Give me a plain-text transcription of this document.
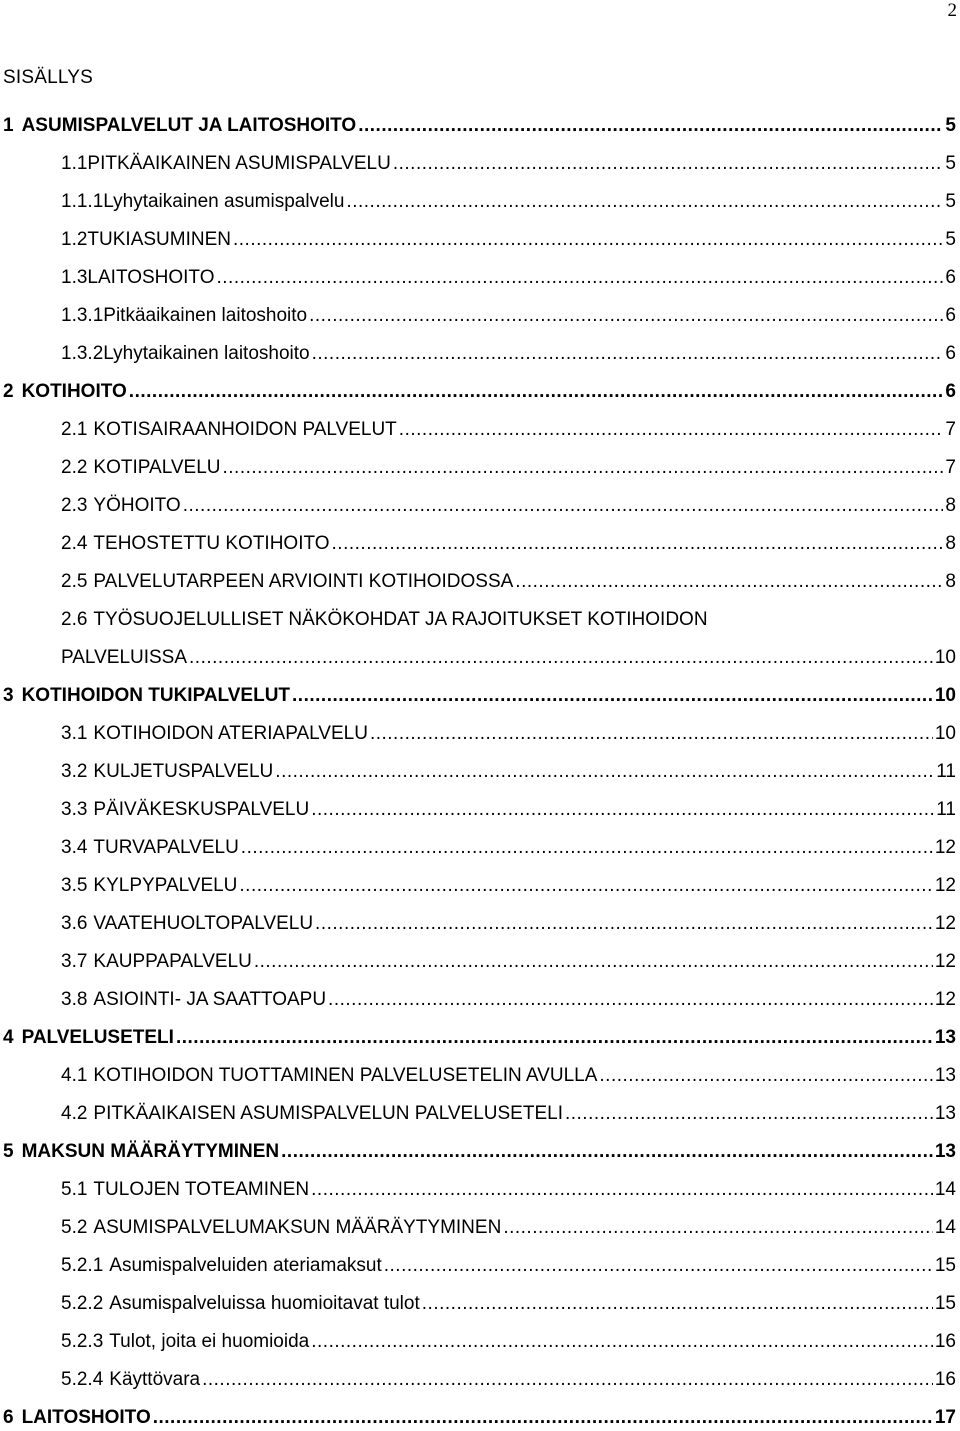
2
SISÄLLYS
1 ASUMISPALVELUT JA LAITOSHOITO .....	5
1.1 PITKÄAIKAINEN ASUMISPALVELU .....	5
1.1.1 Lyhytaikainen asumispalvelu .....	5
1.2 TUKIASUMINEN .....	5
1.3 LAITOSHOITO .....	6
1.3.1 Pitkäaikainen laitoshoito .....	6
1.3.2 Lyhytaikainen laitoshoito .....	6
2 KOTIHOITO .....	6
2.1 KOTISAIRAANHOIDON PALVELUT .....	7
2.2 KOTIPALVELU .....	7
2.3 YÖHOITO .....	8
2.4 TEHOSTETTU KOTIHOITO .....	8
2.5 PALVELUTARPEEN ARVIOINTI KOTIHOIDOSSA .....	8
2.6 TYÖSUOJELULLISET NÄKÖKOHDAT JA RAJOITUKSET KOTIHOIDON
PALVELUISSA .....	10
3 KOTIHOIDON TUKIPALVELUT .....	10
3.1 KOTIHOIDON ATERIAPALVELU .....	10
3.2 KULJETUSPALVELU .....	11
3.3 PÄIVÄKESKUSPALVELU .....	11
3.4 TURVAPALVELU .....	12
3.5 KYLPYPALVELU .....	12
3.6 VAATEHUOLTOPALVELU .....	12
3.7 KAUPPAPALVELU .....	12
3.8 ASIOINTI- JA SAATTOAPU .....	12
4 PALVELUSETELI .....	13
4.1 KOTIHOIDON TUOTTAMINEN PALVELUSETELIN AVULLA .....	13
4.2 PITKÄAIKAISEN ASUMISPALVELUN PALVELUSETELI .....	13
5 MAKSUN MÄÄRÄYTYMINEN .....	13
5.1 TULOJEN TOTEAMINEN .....	14
5.2 ASUMISPALVELUMAKSUN MÄÄRÄYTYMINEN .....	14
5.2.1 Asumispalveluiden ateriamaksut .....	15
5.2.2 Asumispalveluissa huomioitavat tulot .....	15
5.2.3 Tulot, joita ei huomioida .....	16
5.2.4 Käyttövara .....	16
6 LAITOSHOITO .....	17
